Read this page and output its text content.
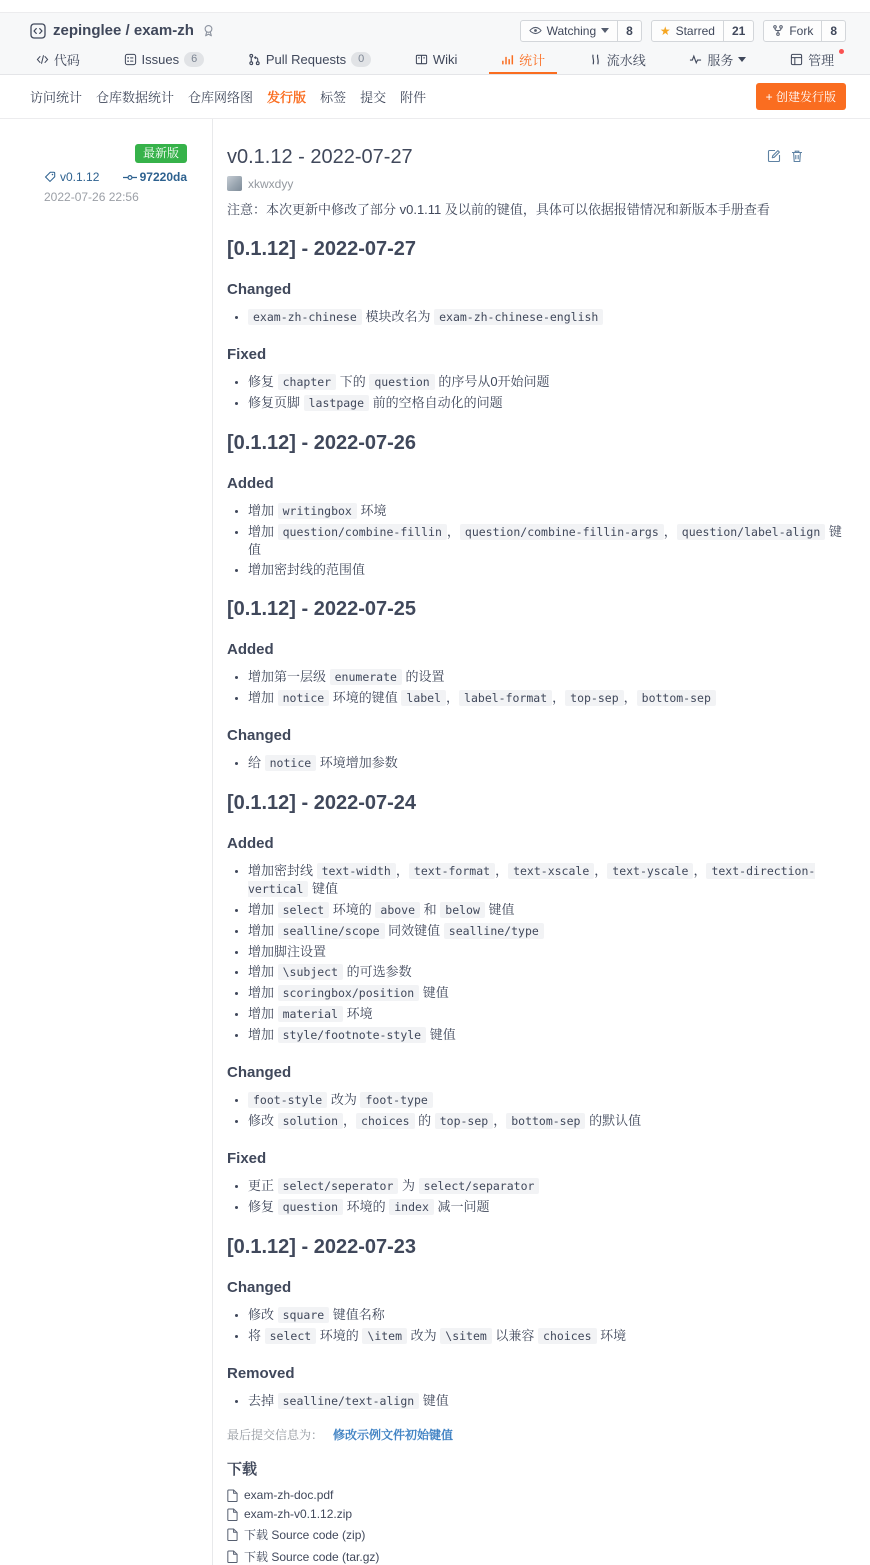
zepinglee / exam-zh	Watching	8	★ Starred	21	Fork	8
代码	Issues	6	Pull Requests	0	Wiki	统计	流水线	服务	管理
访问统计 仓库数据统计 仓库网络图 发行版 标签 提交 附件	+ 创建发行版
最新版
v0.1.12	97220da
2022-07-26 22:56
v0.1.12 - 2022-07-27
xkwxdyy
注意：本次更新中修改了部分 v0.1.11 及以前的键值，具体可以依据报错情况和新版本手册查看
[0.1.12] - 2022-07-27
Changed
• exam-zh-chinese 模块改名为 exam-zh-chinese-english
Fixed
• 修复 chapter 下的 question 的序号从0开始问题
• 修复页脚 lastpage 前的空格自动化的问题
[0.1.12] - 2022-07-26
Added
• 增加 writingbox 环境
• 增加 question/combine-fillin ， question/combine-fillin-args ， question/label-align 键值
• 增加密封线的范围值
[0.1.12] - 2022-07-25
Added
• 增加第一层级 enumerate 的设置
• 增加 notice 环境的键值 label ， label-format ， top-sep ， bottom-sep
Changed
• 给 notice 环境增加参数
[0.1.12] - 2022-07-24
Added
• 增加密封线 text-width ， text-format ， text-xscale ， text-yscale ， text-direction-vertical 键值
• 增加 select 环境的 above 和 below 键值
• 增加 sealline/scope 同效键值 sealline/type
• 增加脚注设置
• 增加 \subject 的可选参数
• 增加 scoringbox/position 键值
• 增加 material 环境
• 增加 style/footnote-style 键值
Changed
• foot-style 改为 foot-type
• 修改 solution ， choices 的 top-sep ， bottom-sep 的默认值
Fixed
• 更正 select/seperator 为 select/separator
• 修复 question 环境的 index 减一问题
[0.1.12] - 2022-07-23
Changed
• 修改 square 键值名称
• 将 select 环境的 \item 改为 \sitem 以兼容 choices 环境
Removed
• 去掉 sealline/text-align 键值
最后提交信息为： 修改示例文件初始键值
下载
exam-zh-doc.pdf
exam-zh-v0.1.12.zip
下载 Source code (zip)
下载 Source code (tar.gz)
